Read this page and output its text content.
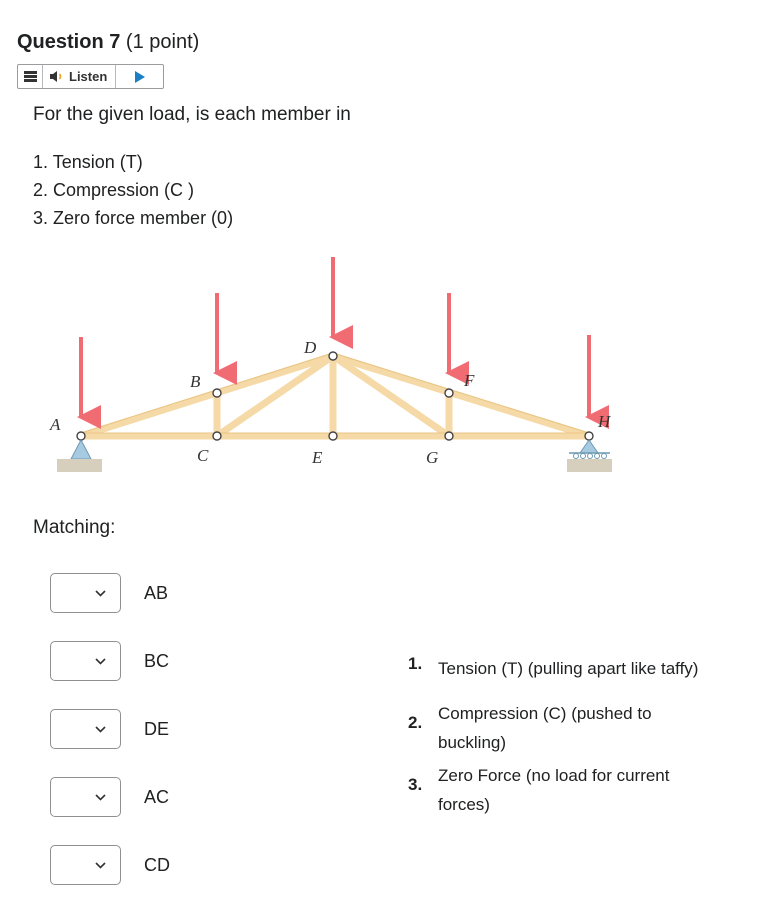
Question 7 (1 point)
Listen
For the given load, is each member in
1. Tension (T)
2. Compression (C )
3. Zero force member (0)
A
B
C
D
E
F
G
H
Matching:
AB
BC
DE
AC
CD
1. Tension (T) (pulling apart like taffy)
2. Compression (C) (pushed to buckling)
3. Zero Force (no load for current forces)
